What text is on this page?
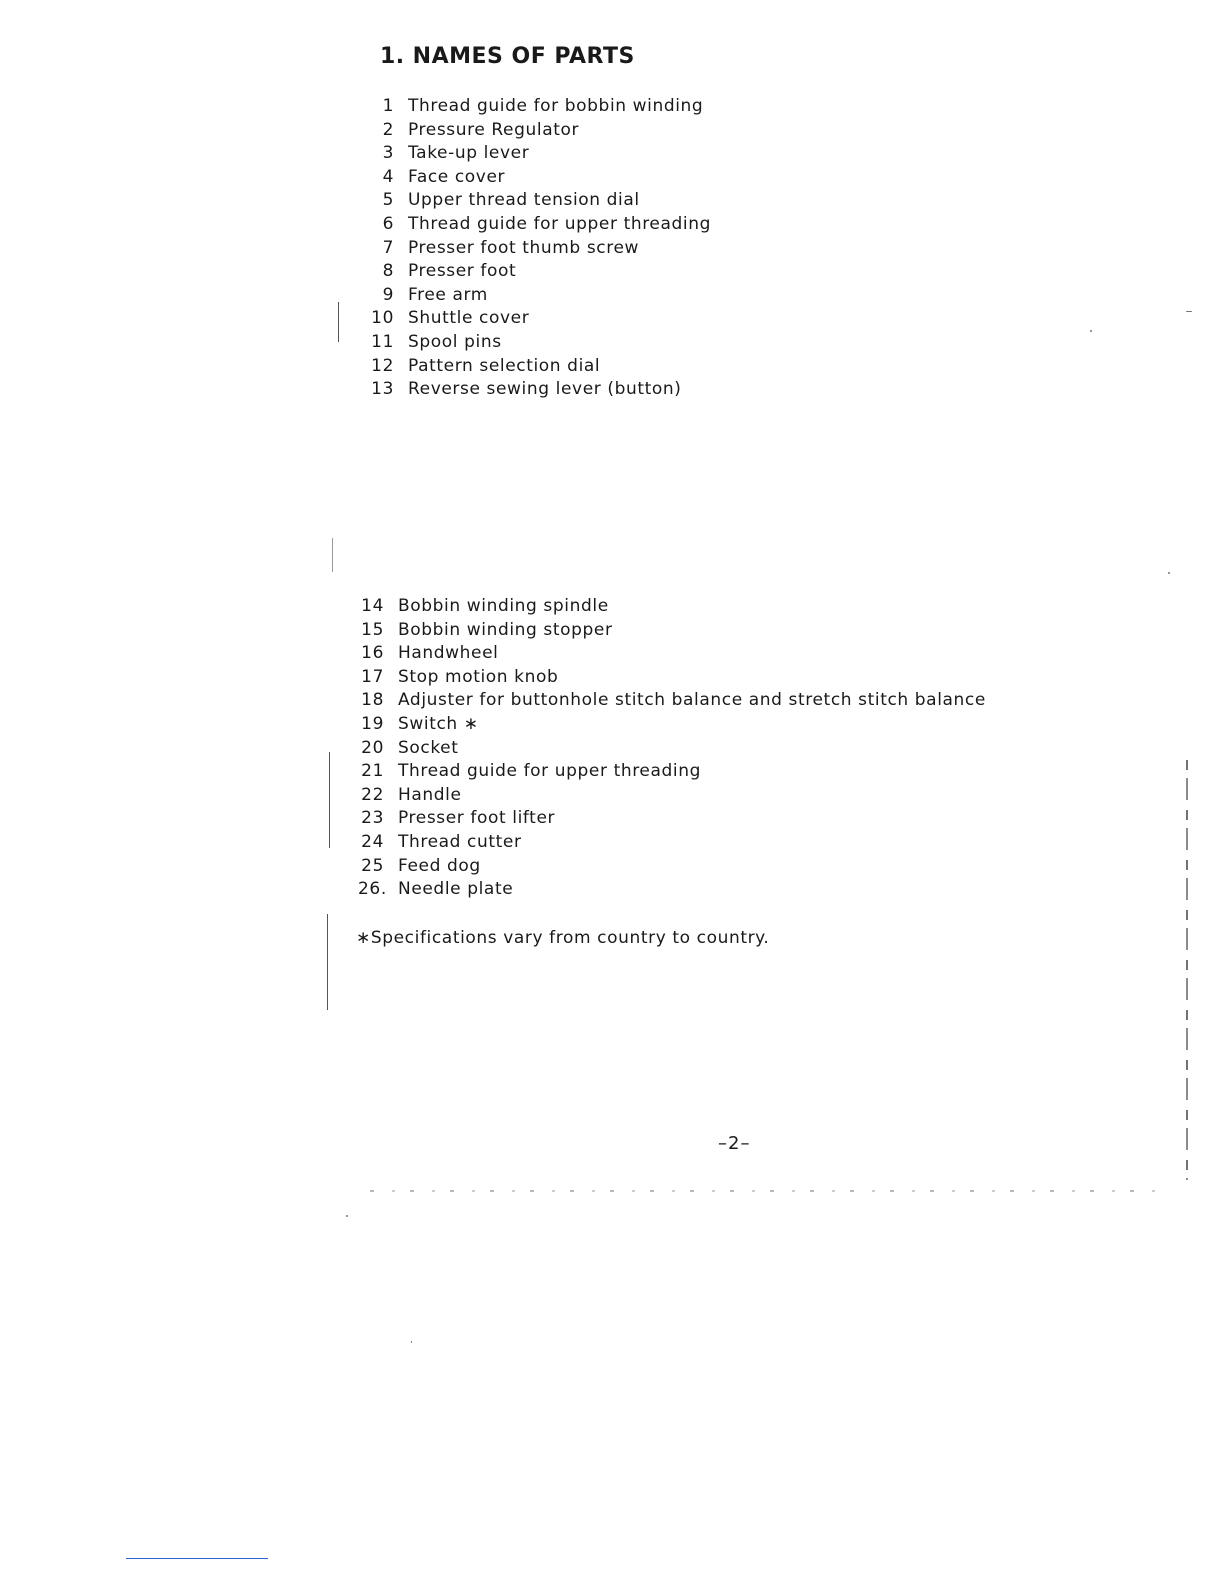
1. NAMES OF PARTS
1 Thread guide for bobbin winding
2 Pressure Regulator
3 Take-up lever
4 Face cover
5 Upper thread tension dial
6 Thread guide for upper threading
7 Presser foot thumb screw
8 Presser foot
9 Free arm
10 Shuttle cover
11 Spool pins
12 Pattern selection dial
13 Reverse sewing lever (button)
14 Bobbin winding spindle
15 Bobbin winding stopper
16 Handwheel
17 Stop motion knob
18 Adjuster for buttonhole stitch balance and stretch stitch balance
19 Switch ∗
20 Socket
21 Thread guide for upper threading
22 Handle
23 Presser foot lifter
24 Thread cutter
25 Feed dog
26. Needle plate
∗Specifications vary from country to country.
–2–
